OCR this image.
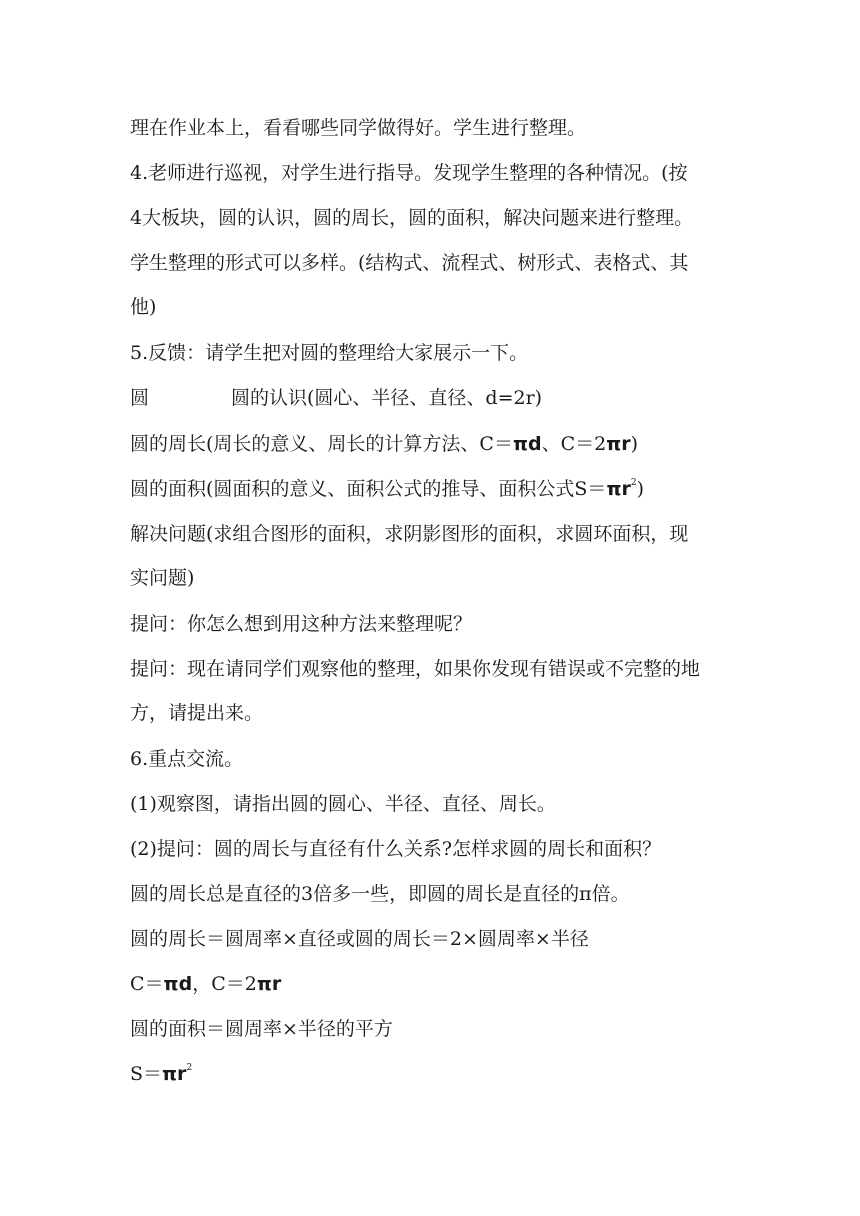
理在作业本上，看看哪些同学做得好。学生进行整理。
4.老师进行巡视，对学生进行指导。发现学生整理的各种情况。(按
4大板块，圆的认识，圆的周长，圆的面积，解决问题来进行整理。
学生整理的形式可以多样。(结构式、流程式、树形式、表格式、其
他)
5.反馈：请学生把对圆的整理给大家展示一下。
圆	圆的认识(圆心、半径、直径、d=2r)
圆的周长(周长的意义、周长的计算方法、C＝πd、C＝2πr)
圆的面积(圆面积的意义、面积公式的推导、面积公式$S=\pi r^2$)
解决问题(求组合图形的面积，求阴影图形的面积，求圆环面积，现
实问题)
提问：你怎么想到用这种方法来整理呢？
提问：现在请同学们观察他的整理，如果你发现有错误或不完整的地
方，请提出来。
6.重点交流。
(1)观察图，请指出圆的圆心、半径、直径、周长。
(2)提问：圆的周长与直径有什么关系?怎样求圆的周长和面积？
圆的周长总是直径的3倍多一些，即圆的周长是直径的π倍。
圆的周长＝圆周率×直径或圆的周长＝2×圆周率×半径
C＝πd，C＝2πr
圆的面积＝圆周率×半径的平方
$S=\pi r^2$
